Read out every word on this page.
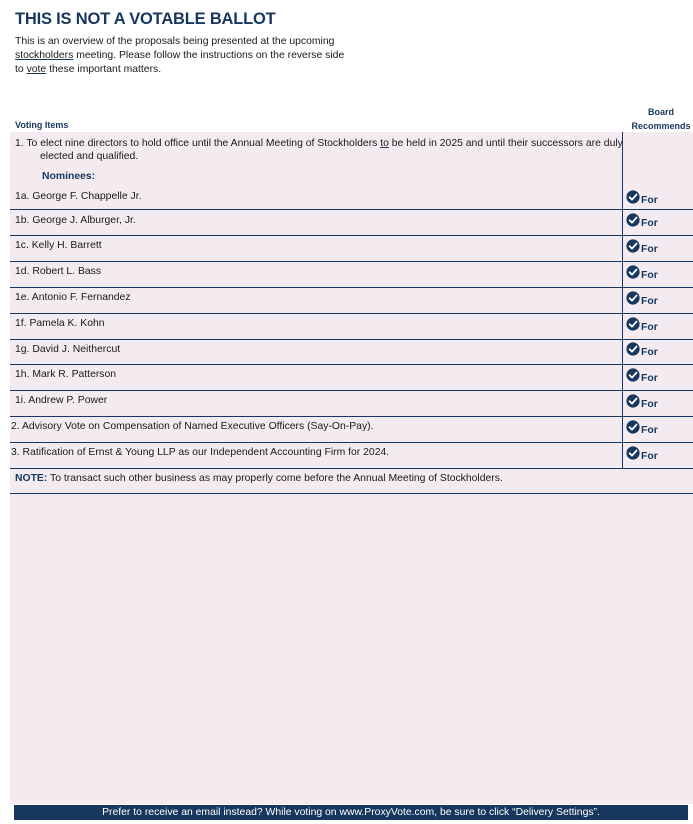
THIS IS NOT A VOTABLE BALLOT
This is an overview of the proposals being presented at the upcoming stockholders meeting. Please follow the instructions on the reverse side to vote these important matters.
Voting Items
Board Recommends
1. To elect nine directors to hold office until the Annual Meeting of Stockholders to be held in 2025 and until their successors are duly elected and qualified.
Nominees:
1a. George F. Chappelle Jr.	For
1b. George J. Alburger, Jr.	For
1c. Kelly H. Barrett	For
1d. Robert L. Bass	For
1e. Antonio F. Fernandez	For
1f. Pamela K. Kohn	For
1g. David J. Neithercut	For
1h. Mark R. Patterson	For
1i. Andrew P. Power	For
2. Advisory Vote on Compensation of Named Executive Officers (Say-On-Pay).	For
3. Ratification of Ernst & Young LLP as our Independent Accounting Firm for 2024.	For
NOTE: To transact such other business as may properly come before the Annual Meeting of Stockholders.
Prefer to receive an email instead? While voting on www.ProxyVote.com, be sure to click “Delivery Settings”.
